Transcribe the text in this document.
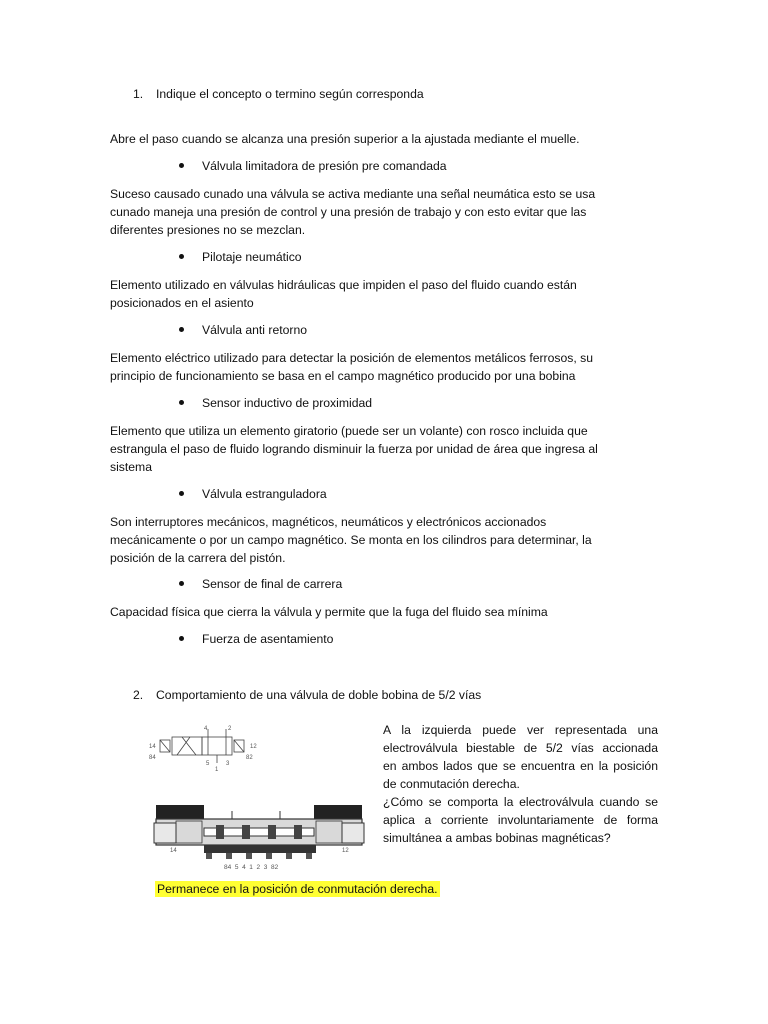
1. Indique el concepto o termino según corresponda
Abre el paso cuando se alcanza una presión superior a la ajustada mediante el muelle.
Válvula limitadora de presión pre comandada
Suceso causado cunado una válvula se activa mediante una señal neumática esto se usa
cunado maneja una presión de control y una presión de trabajo y con esto evitar que las
diferentes presiones no se mezclan.
Pilotaje neumático
Elemento utilizado en válvulas hidráulicas que impiden el paso del fluido cuando están
posicionados en el asiento
Válvula anti retorno
Elemento eléctrico utilizado para detectar la posición de elementos metálicos ferrosos, su
principio de funcionamiento se basa en el campo magnético producido por una bobina
Sensor inductivo de proximidad
Elemento que utiliza un elemento giratorio (puede ser un volante) con rosco incluida que
estrangula el paso de fluido logrando disminuir la fuerza por unidad de área que ingresa al
sistema
Válvula estranguladora
Son interruptores mecánicos, magnéticos, neumáticos y electrónicos accionados
mecánicamente o por un campo magnético. Se monta en los cilindros para determinar, la
posición de la carrera del pistón.
Sensor de final de carrera
Capacidad física que cierra la válvula y permite que la fuga del fluido sea mínima
Fuerza de asentamiento
2. Comportamiento de una válvula de doble bobina de 5/2 vías
14
84
4	2
5
1
3
12
82
14	12
84  5  4  1  2  3  82
A la izquierda puede ver representada una
electroválvula biestable de 5/2 vías accionada
en ambos lados que se encuentra en la posición
de conmutación derecha.
¿Cómo se comporta la electroválvula cuando se
aplica a corriente involuntariamente de forma
simultánea a ambas bobinas magnéticas?
Permanece en la posición de conmutación derecha.
